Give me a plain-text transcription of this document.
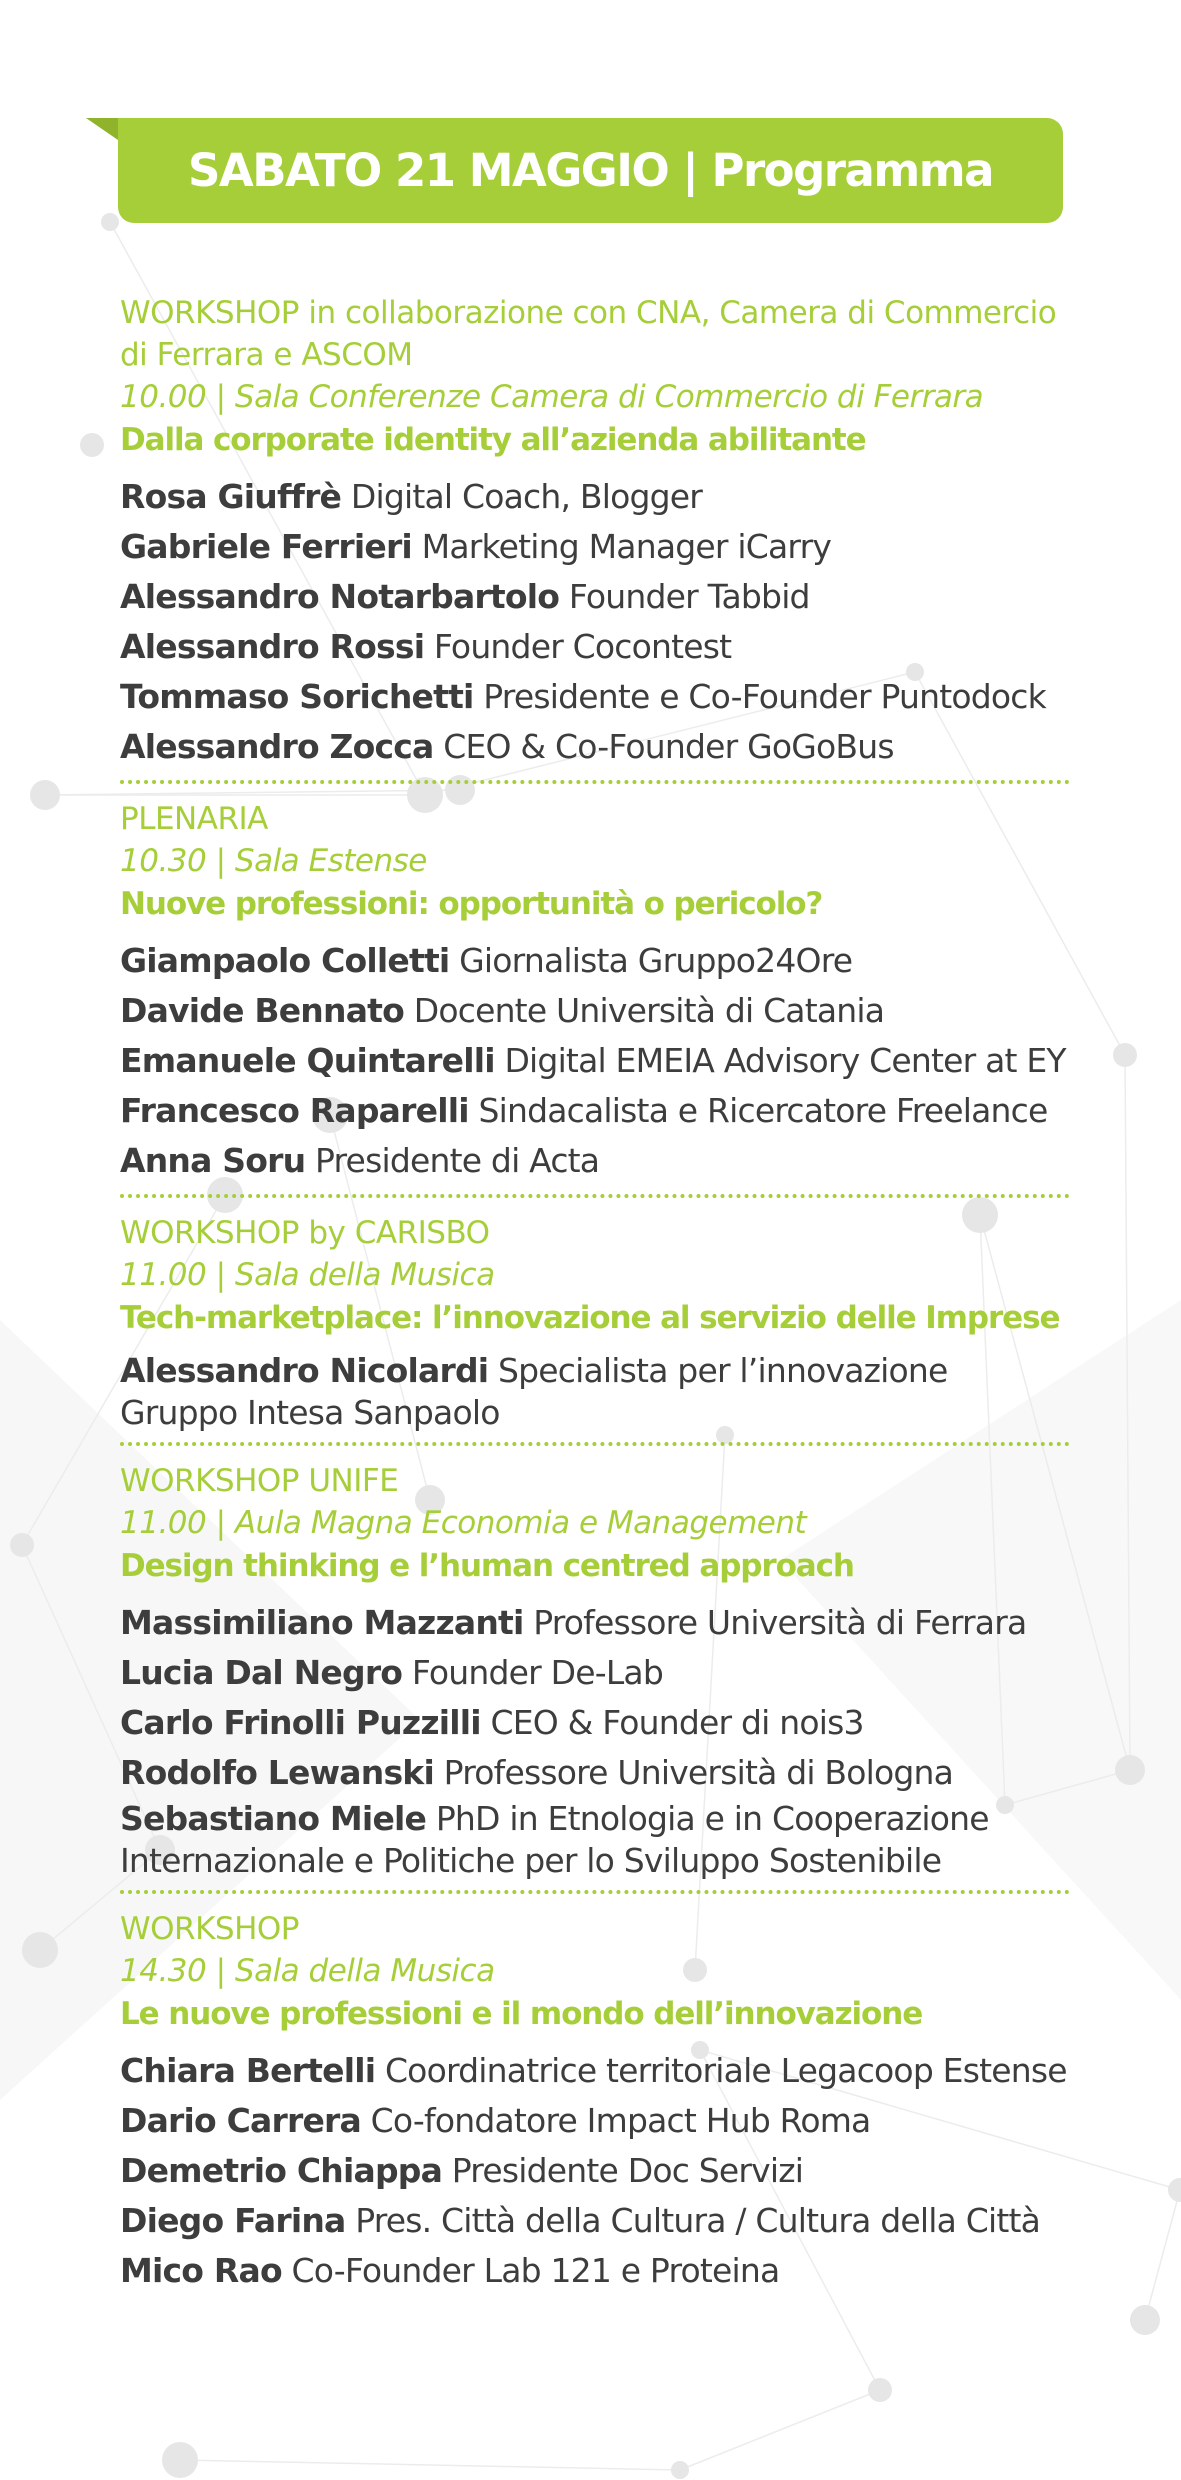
SABATO 21 MAGGIO | Programma
WORKSHOP in collaborazione con CNA, Camera di Commercio di Ferrara e ASCOM
10.00 | Sala Conferenze Camera di Commercio di Ferrara
Dalla corporate identity all’azienda abilitante
Rosa Giuffrè Digital Coach, Blogger
Gabriele Ferrieri Marketing Manager iCarry
Alessandro Notarbartolo Founder Tabbid
Alessandro Rossi Founder Cocontest
Tommaso Sorichetti Presidente e Co-Founder Puntodock
Alessandro Zocca CEO & Co-Founder GoGoBus
PLENARIA
10.30 | Sala Estense
Nuove professioni: opportunità o pericolo?
Giampaolo Colletti Giornalista Gruppo24Ore
Davide Bennato Docente Università di Catania
Emanuele Quintarelli Digital EMEIA Advisory Center at EY
Francesco Raparelli Sindacalista e Ricercatore Freelance
Anna Soru Presidente di Acta
WORKSHOP by CARISBO
11.00 | Sala della Musica
Tech-marketplace: l’innovazione al servizio delle Imprese
Alessandro Nicolardi Specialista per l’innovazione Gruppo Intesa Sanpaolo
WORKSHOP UNIFE
11.00 | Aula Magna Economia e Management
Design thinking e l’human centred approach
Massimiliano Mazzanti Professore Università di Ferrara
Lucia Dal Negro Founder De-Lab
Carlo Frinolli Puzzilli CEO & Founder di nois3
Rodolfo Lewanski Professore Università di Bologna
Sebastiano Miele PhD in Etnologia e in Cooperazione Internazionale e Politiche per lo Sviluppo Sostenibile
WORKSHOP
14.30 | Sala della Musica
Le nuove professioni e il mondo dell’innovazione
Chiara Bertelli Coordinatrice territoriale Legacoop Estense
Dario Carrera Co-fondatore Impact Hub Roma
Demetrio Chiappa Presidente Doc Servizi
Diego Farina Pres. Città della Cultura / Cultura della Città
Mico Rao Co-Founder Lab 121 e Proteina
